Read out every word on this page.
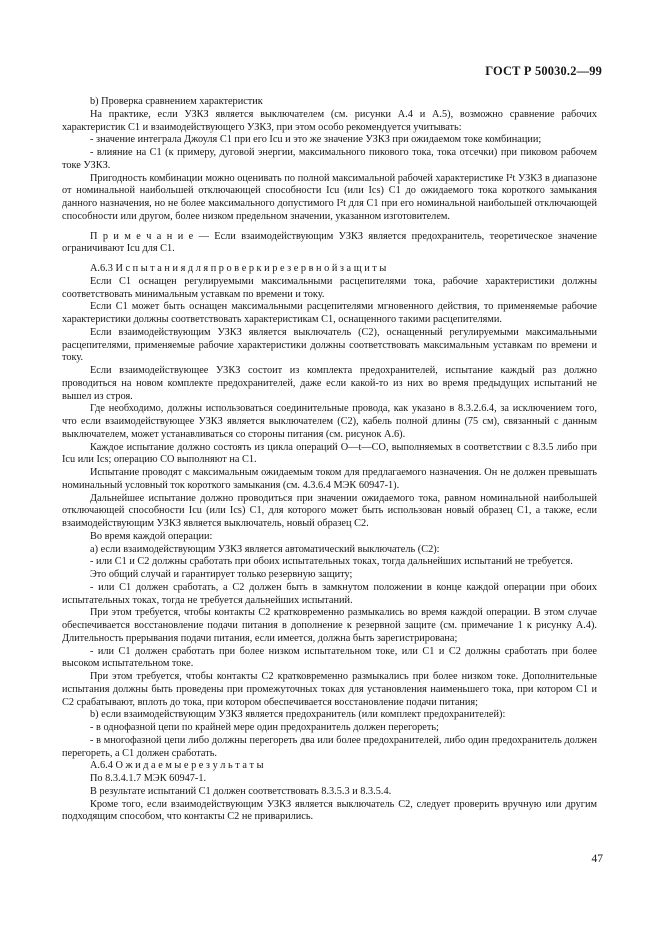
ГОСТ Р 50030.2—99

b) Проверка сравнением характеристик

На практике, если УЗКЗ является выключателем (см. рисунки А.4 и А.5), возможно сравнение рабочих характеристик С1 и взаимодействующего УЗКЗ, при этом особо рекомендуется учитывать:

- значение интеграла Джоуля С1 при его Icu и это же значение УЗКЗ при ожидаемом токе комбинации;

- влияние на С1 (к примеру, дуговой энергии, максимального пикового тока, тока отсечки) при пиковом рабочем токе УЗКЗ.

Пригодность комбинации можно оценивать по полной максимальной рабочей характеристике I²t УЗКЗ в диапазоне от номинальной наибольшей отключающей способности Icu (или Ics) С1 до ожидаемого тока короткого замыкания данного назначения, но не более максимального допустимого I²t для С1 при его номинальной наибольшей отключающей способности или другом, более низком предельном значении, указанном изготовителем.

П р и м е ч а н и е — Если взаимодействующим УЗКЗ является предохранитель, теоретическое значение ограничивают Icu для С1.

А.6.3 И с п ы т а н и я д л я п р о в е р к и р е з е р в н о й з а щ и т ы

Если С1 оснащен регулируемыми максимальными расцепителями тока, рабочие характеристики должны соответствовать минимальным уставкам по времени и току.

Если С1 может быть оснащен максимальными расцепителями мгновенного действия, то применяемые рабочие характеристики должны соответствовать характеристикам С1, оснащенного такими расцепителями.

Если взаимодействующим УЗКЗ является выключатель (С2), оснащенный регулируемыми максимальными расцепителями, применяемые рабочие характеристики должны соответствовать максимальным уставкам по времени и току.

Если взаимодействующее УЗКЗ состоит из комплекта предохранителей, испытание каждый раз должно проводиться на новом комплекте предохранителей, даже если какой-то из них во время предыдущих испытаний не вышел из строя.

Где необходимо, должны использоваться соединительные провода, как указано в 8.3.2.6.4, за исключением того, что если взаимодействующее УЗКЗ является выключателем (С2), кабель полной длины (75 см), связанный с данным выключателем, может устанавливаться со стороны питания (см. рисунок А.6).

Каждое испытание должно состоять из цикла операций О—t—СО, выполняемых в соответствии с 8.3.5 либо при Icu или Ics; операцию СО выполняют на С1.

Испытание проводят с максимальным ожидаемым током для предлагаемого назначения. Он не должен превышать номинальный условный ток короткого замыкания (см. 4.3.6.4 МЭК 60947-1).

Дальнейшее испытание должно проводиться при значении ожидаемого тока, равном номинальной наибольшей отключающей способности Icu (или Ics) С1, для которого может быть использован новый образец С1, а также, если взаимодействующим УЗКЗ является выключатель, новый образец С2.

Во время каждой операции:

а) если взаимодействующим УЗКЗ является автоматический выключатель (С2):

- или С1 и С2 должны сработать при обоих испытательных токах, тогда дальнейших испытаний не требуется.

Это общий случай и гарантирует только резервную защиту;

- или С1 должен сработать, а С2 должен быть в замкнутом положении в конце каждой операции при обоих испытательных токах, тогда не требуется дальнейших испытаний.

При этом требуется, чтобы контакты С2 кратковременно размыкались во время каждой операции. В этом случае обеспечивается восстановление подачи питания в дополнение к резервной защите (см. примечание 1 к рисунку А.4). Длительность прерывания подачи питания, если имеется, должна быть зарегистрирована;

- или С1 должен сработать при более низком испытательном токе, или С1 и С2 должны сработать при более высоком испытательном токе.

При этом требуется, чтобы контакты С2 кратковременно размыкались при более низком токе. Дополнительные испытания должны быть проведены при промежуточных токах для установления наименьшего тока, при котором С1 и С2 срабатывают, вплоть до тока, при котором обеспечивается восстановление подачи питания;

b) если взаимодействующим УЗКЗ является предохранитель (или комплект предохранителей):

- в однофазной цепи по крайней мере один предохранитель должен перегореть;

- в многофазной цепи либо должны перегореть два или более предохранителей, либо один предохранитель должен перегореть, а С1 должен сработать.

А.6.4 О ж и д а е м ы е р е з у л ь т а т ы

По 8.3.4.1.7 МЭК 60947-1.

В результате испытаний С1 должен соответствовать 8.3.5.3 и 8.3.5.4.

Кроме того, если взаимодействующим УЗКЗ является выключатель С2, следует проверить вручную или другим подходящим способом, что контакты С2 не приварились.

47
